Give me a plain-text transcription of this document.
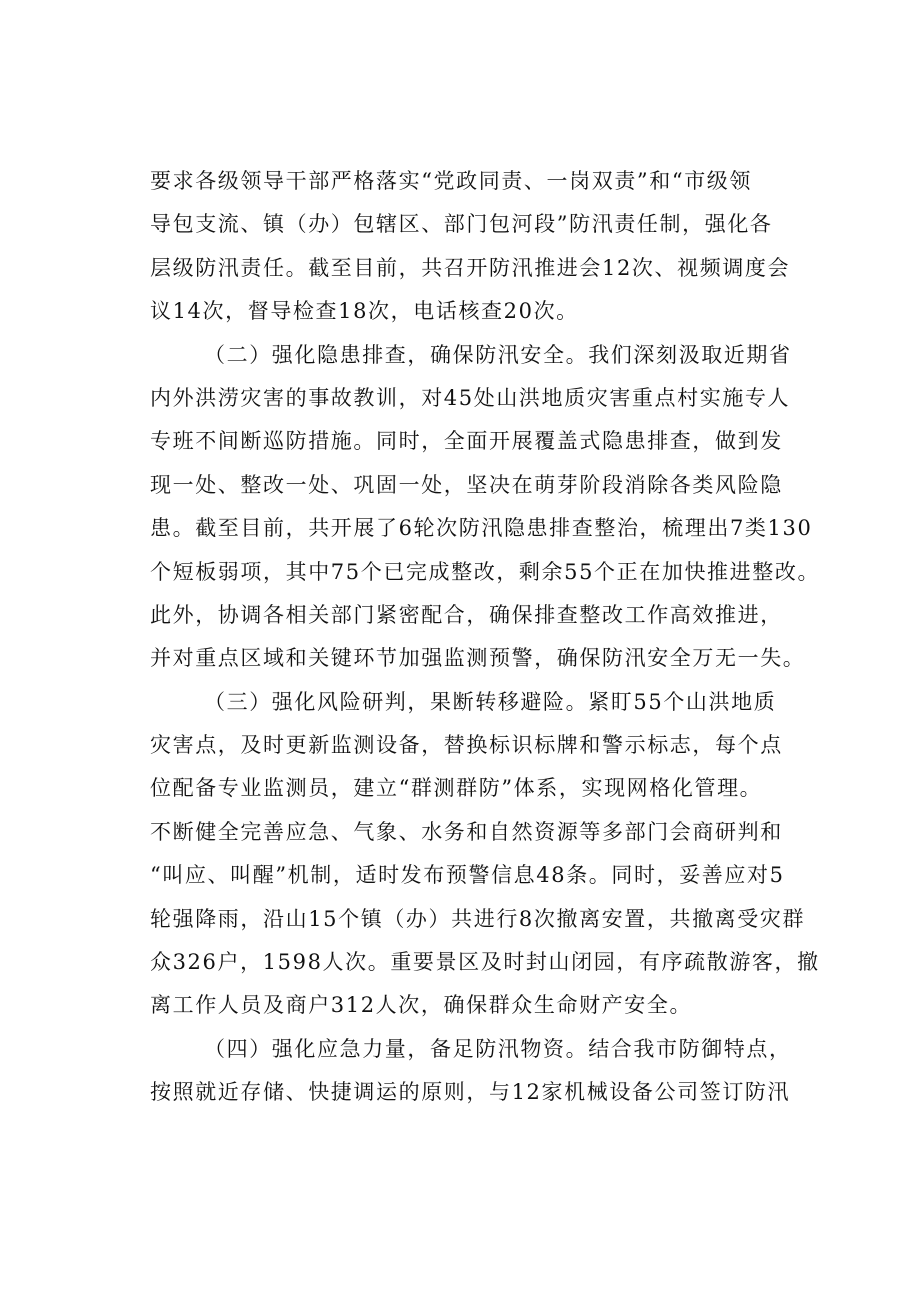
要求各级领导干部严格落实“党政同责、一岗双责”和“市级领
导包支流、镇（办）包辖区、部门包河段”防汛责任制，强化各
层级防汛责任。截至目前，共召开防汛推进会12次、视频调度会
议14次，督导检查18次，电话核查20次。
（二）强化隐患排查，确保防汛安全。我们深刻汲取近期省
内外洪涝灾害的事故教训，对45处山洪地质灾害重点村实施专人
专班不间断巡防措施。同时，全面开展覆盖式隐患排查，做到发
现一处、整改一处、巩固一处，坚决在萌芽阶段消除各类风险隐
患。截至目前，共开展了6轮次防汛隐患排查整治，梳理出7类130
个短板弱项，其中75个已完成整改，剩余55个正在加快推进整改。
此外，协调各相关部门紧密配合，确保排查整改工作高效推进，
并对重点区域和关键环节加强监测预警，确保防汛安全万无一失。
（三）强化风险研判，果断转移避险。紧盯55个山洪地质
灾害点，及时更新监测设备，替换标识标牌和警示标志，每个点
位配备专业监测员，建立“群测群防”体系，实现网格化管理。
不断健全完善应急、气象、水务和自然资源等多部门会商研判和
“叫应、叫醒”机制，适时发布预警信息48条。同时，妥善应对5
轮强降雨，沿山15个镇（办）共进行8次撤离安置，共撤离受灾群
众326户，1598人次。重要景区及时封山闭园，有序疏散游客，撤
离工作人员及商户312人次，确保群众生命财产安全。
（四）强化应急力量，备足防汛物资。结合我市防御特点，
按照就近存储、快捷调运的原则，与12家机械设备公司签订防汛
